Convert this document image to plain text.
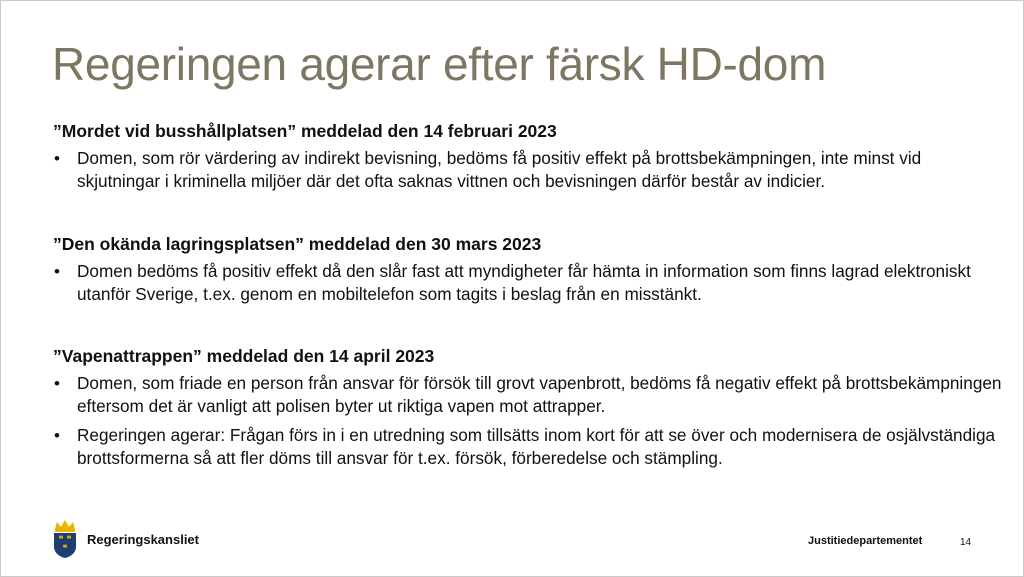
Regeringen agerar efter färsk HD-dom
”Mordet vid busshållplatsen” meddelad den 14 februari 2023
• Domen, som rör värdering av indirekt bevisning, bedöms få positiv effekt på brottsbekämpningen, inte minst vid skjutningar i kriminella miljöer där det ofta saknas vittnen och bevisningen därför består av indicier.
”Den okända lagringsplatsen” meddelad den 30 mars 2023
• Domen bedöms få positiv effekt då den slår fast att myndigheter får hämta in information som finns lagrad elektroniskt utanför Sverige, t.ex. genom en mobiltelefon som tagits i beslag från en misstänkt.
”Vapenattrappen” meddelad den 14 april 2023
• Domen, som friade en person från ansvar för försök till grovt vapenbrott, bedöms få negativ effekt på brottsbekämpningen eftersom det är vanligt att polisen byter ut riktiga vapen mot attrapper.
• Regeringen agerar: Frågan förs in i en utredning som tillsätts inom kort för att se över och modernisera de osjälvständiga brottsformerna så att fler döms till ansvar för t.ex. försök, förberedelse och stämpling.
Regeringskansliet	Justitiedepartementet	14
